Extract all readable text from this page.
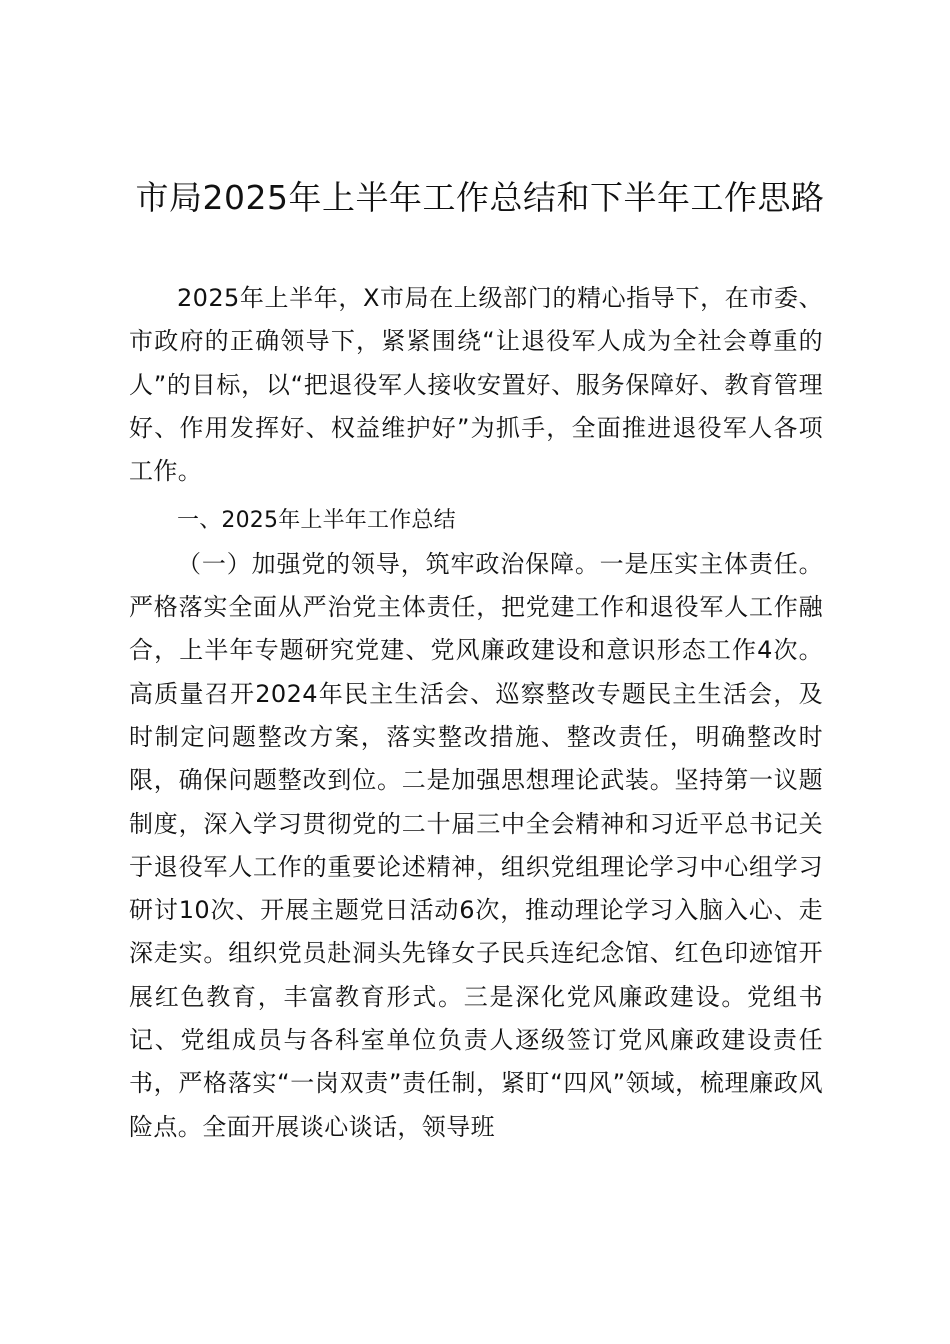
市局2025年上半年工作总结和下半年工作思路

2025年上半年，X市局在上级部门的精心指导下，在市委、市政府的正确领导下，紧紧围绕“让退役军人成为全社会尊重的人”的目标，以“把退役军人接收安置好、服务保障好、教育管理好、作用发挥好、权益维护好”为抓手，全面推进退役军人各项工作。

一、2025年上半年工作总结

（一）加强党的领导，筑牢政治保障。一是压实主体责任。严格落实全面从严治党主体责任，把党建工作和退役军人工作融合，上半年专题研究党建、党风廉政建设和意识形态工作4次。高质量召开2024年民主生活会、巡察整改专题民主生活会，及时制定问题整改方案，落实整改措施、整改责任，明确整改时限，确保问题整改到位。二是加强思想理论武装。坚持第一议题制度，深入学习贯彻党的二十届三中全会精神和习近平总书记关于退役军人工作的重要论述精神，组织党组理论学习中心组学习研讨10次、开展主题党日活动6次，推动理论学习入脑入心、走深走实。组织党员赴洞头先锋女子民兵连纪念馆、红色印迹馆开展红色教育，丰富教育形式。三是深化党风廉政建设。党组书记、党组成员与各科室单位负责人逐级签订党风廉政建设责任书，严格落实“一岗双责”责任制，紧盯“四风”领域，梳理廉政风险点。全面开展谈心谈话，领导班
